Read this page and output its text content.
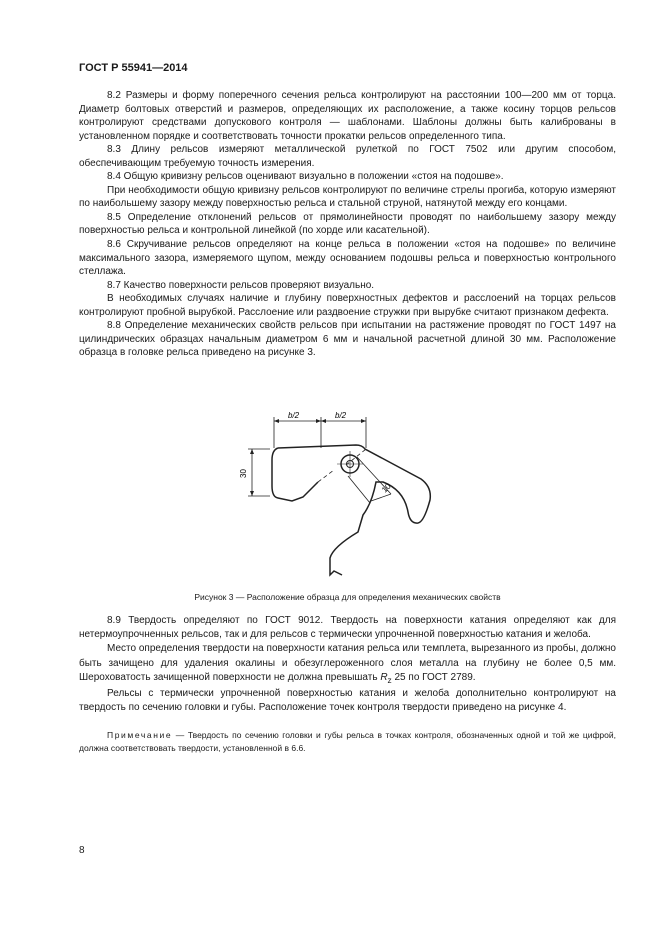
ГОСТ Р 55941—2014

8.2 Размеры и форму поперечного сечения рельса контролируют на расстоянии 100—200 мм от торца. Диаметр болтовых отверстий и размеров, определяющих их расположение, а также косину торцов рельсов контролируют средствами допускового контроля — шаблонами. Шаблоны должны быть калиброваны в установленном порядке и соответствовать точности прокатки рельсов определенного типа.

8.3 Длину рельсов измеряют металлической рулеткой по ГОСТ 7502 или другим способом, обеспечивающим требуемую точность измерения.

8.4 Общую кривизну рельсов оценивают визуально в положении «стоя на подошве».

При необходимости общую кривизну рельсов контролируют по величине стрелы прогиба, которую измеряют по наибольшему зазору между поверхностью рельса и стальной струной, натянутой между его концами.

8.5 Определение отклонений рельсов от прямолинейности проводят по наибольшему зазору между поверхностью рельса и контрольной линейкой (по хорде или касательной).

8.6 Скручивание рельсов определяют на конце рельса в положении «стоя на подошве» по величине максимального зазора, измеряемого щупом, между основанием подошвы рельса и поверхностью контрольного стеллажа.

8.7 Качество поверхности рельсов проверяют визуально.

В необходимых случаях наличие и глубину поверхностных дефектов и расслоений на торцах рельсов контролируют пробной вырубкой. Расслоение или раздвоение стружки при вырубке считают признаком дефекта.

8.8 Определение механических свойств рельсов при испытании на растяжение проводят по ГОСТ 1497 на цилиндрических образцах начальным диаметром 6 мм и начальной расчетной длиной 30 мм. Расположение образца в головке рельса приведено на рисунке 3.

b/2	b/2
30
10
Рисунок 3 — Расположение образца для определения механических свойств

8.9 Твердость определяют по ГОСТ 9012. Твердость на поверхности катания определяют как для нетермоупрочненных рельсов, так и для рельсов с термически упрочненной поверхностью катания и желоба.

Место определения твердости на поверхности катания рельса или темплета, вырезанного из пробы, должно быть зачищено для удаления окалины и обезуглероженного слоя металла на глубину не более 0,5 мм. Шероховатость зачищенной поверхности не должна превышать $R_z$ 25 по ГОСТ 2789.

Рельсы с термически упрочненной поверхностью катания и желоба дополнительно контролируют на твердость по сечению головки и губы. Расположение точек контроля твердости приведено на рисунке 4.

Примечание — Твердость по сечению головки и губы рельса в точках контроля, обозначенных одной и той же цифрой, должна соответствовать твердости, установленной в 6.6.
8
